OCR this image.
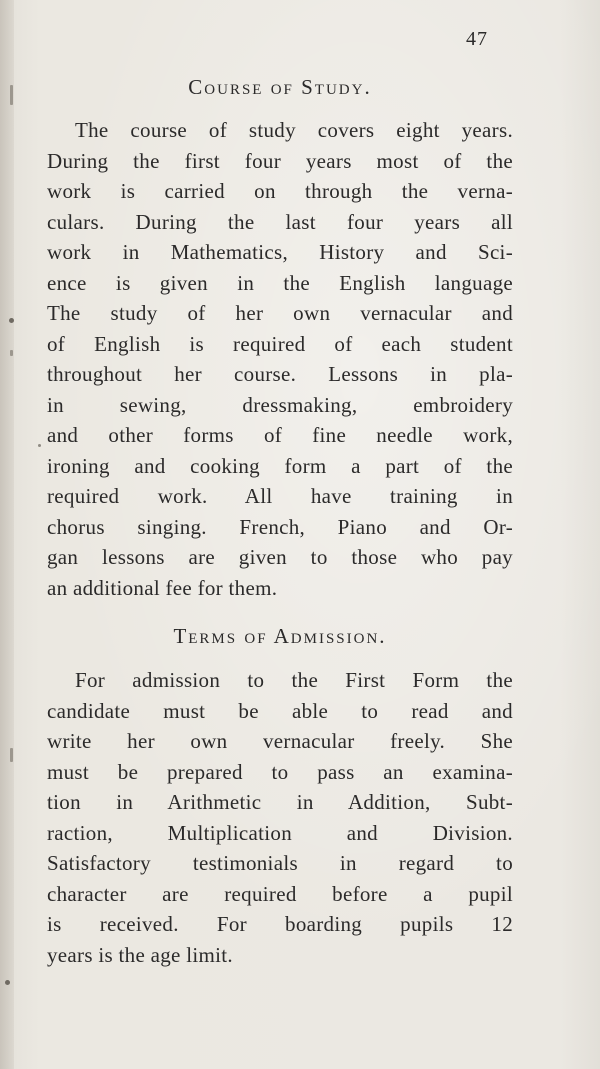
47
Course of Study.
The course of study covers eight years.
During the first four years most of the
work is carried on through the verna-
culars. During the last four years all
work in Mathematics, History and Sci-
ence is given in the English language
The study of her own vernacular and
of English is required of each student
throughout her course. Lessons in pla-
in sewing, dressmaking, embroidery
and other forms of fine needle work,
ironing and cooking form a part of the
required work. All have training in
chorus singing. French, Piano and Or-
gan lessons are given to those who pay
an additional fee for them.
Terms of Admission.
For admission to the First Form the
candidate must be able to read and
write her own vernacular freely. She
must be prepared to pass an examina-
tion in Arithmetic in Addition, Subt-
raction, Multiplication and Division.
Satisfactory testimonials in regard to
character are required before a pupil
is received. For boarding pupils 12
years is the age limit.
